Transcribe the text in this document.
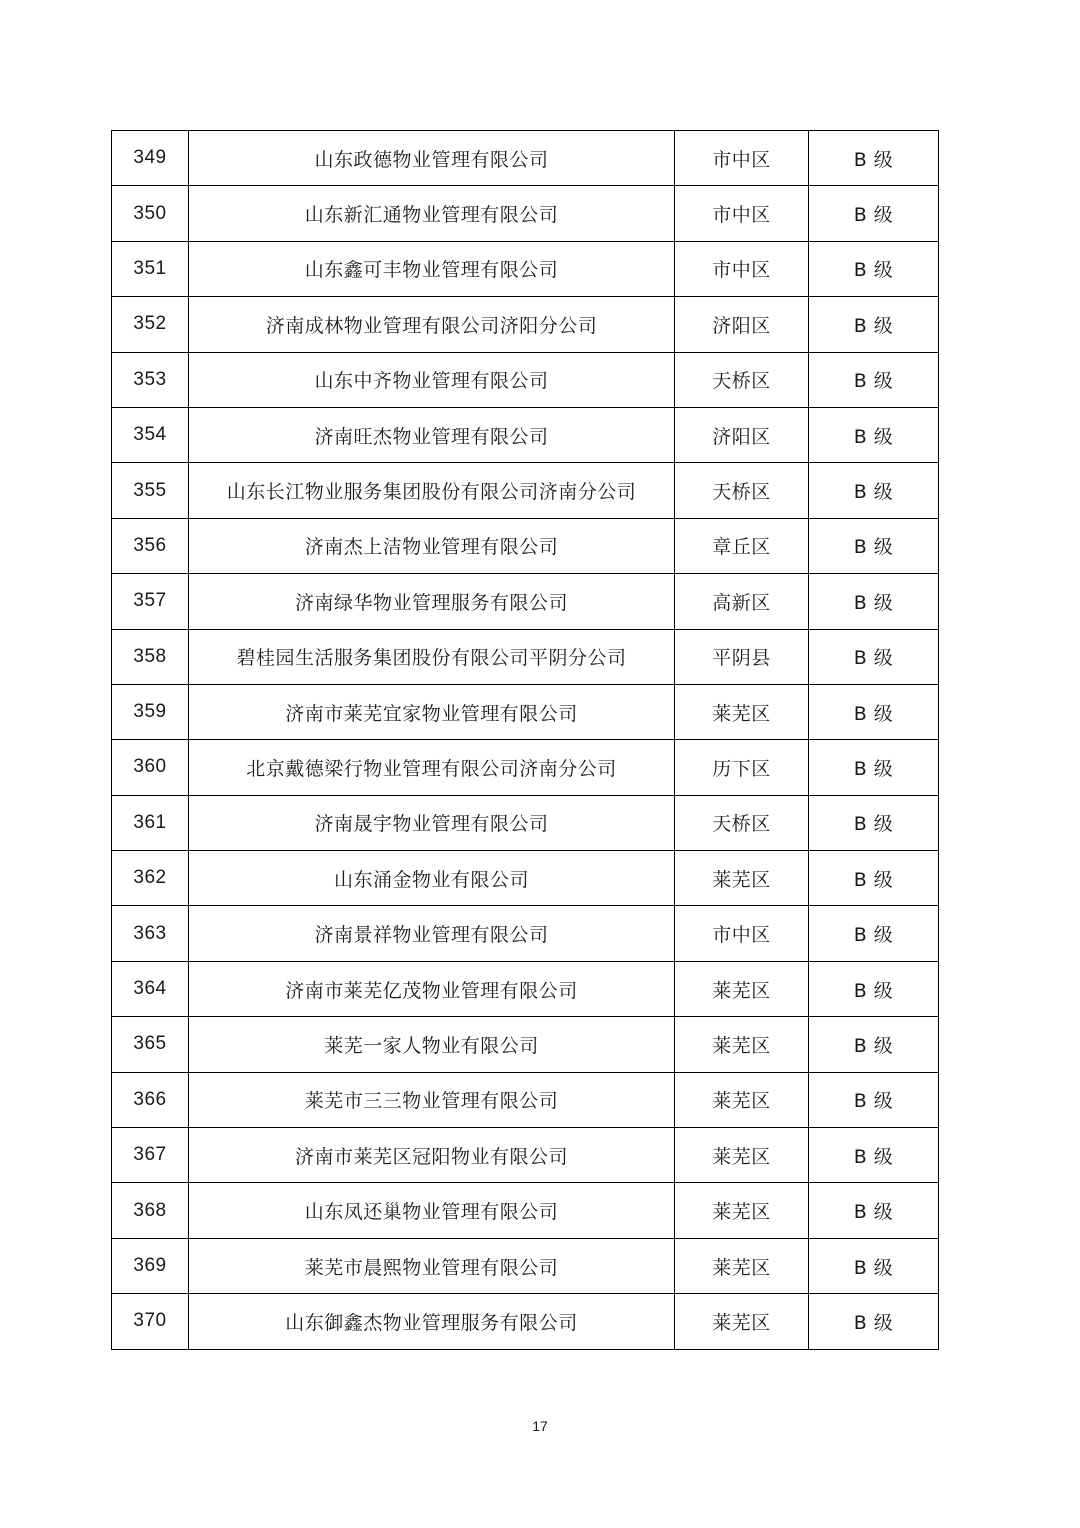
349	山东政德物业管理有限公司	市中区	B 级
350	山东新汇通物业管理有限公司	市中区	B 级
351	山东鑫可丰物业管理有限公司	市中区	B 级
352	济南成林物业管理有限公司济阳分公司	济阳区	B 级
353	山东中齐物业管理有限公司	天桥区	B 级
354	济南旺杰物业管理有限公司	济阳区	B 级
355	山东长江物业服务集团股份有限公司济南分公司	天桥区	B 级
356	济南杰上洁物业管理有限公司	章丘区	B 级
357	济南绿华物业管理服务有限公司	高新区	B 级
358	碧桂园生活服务集团股份有限公司平阴分公司	平阴县	B 级
359	济南市莱芜宜家物业管理有限公司	莱芜区	B 级
360	北京戴德梁行物业管理有限公司济南分公司	历下区	B 级
361	济南晟宇物业管理有限公司	天桥区	B 级
362	山东涌金物业有限公司	莱芜区	B 级
363	济南景祥物业管理有限公司	市中区	B 级
364	济南市莱芜亿茂物业管理有限公司	莱芜区	B 级
365	莱芜一家人物业有限公司	莱芜区	B 级
366	莱芜市三三物业管理有限公司	莱芜区	B 级
367	济南市莱芜区冠阳物业有限公司	莱芜区	B 级
368	山东凤还巢物业管理有限公司	莱芜区	B 级
369	莱芜市晨熙物业管理有限公司	莱芜区	B 级
370	山东御鑫杰物业管理服务有限公司	莱芜区	B 级
17
